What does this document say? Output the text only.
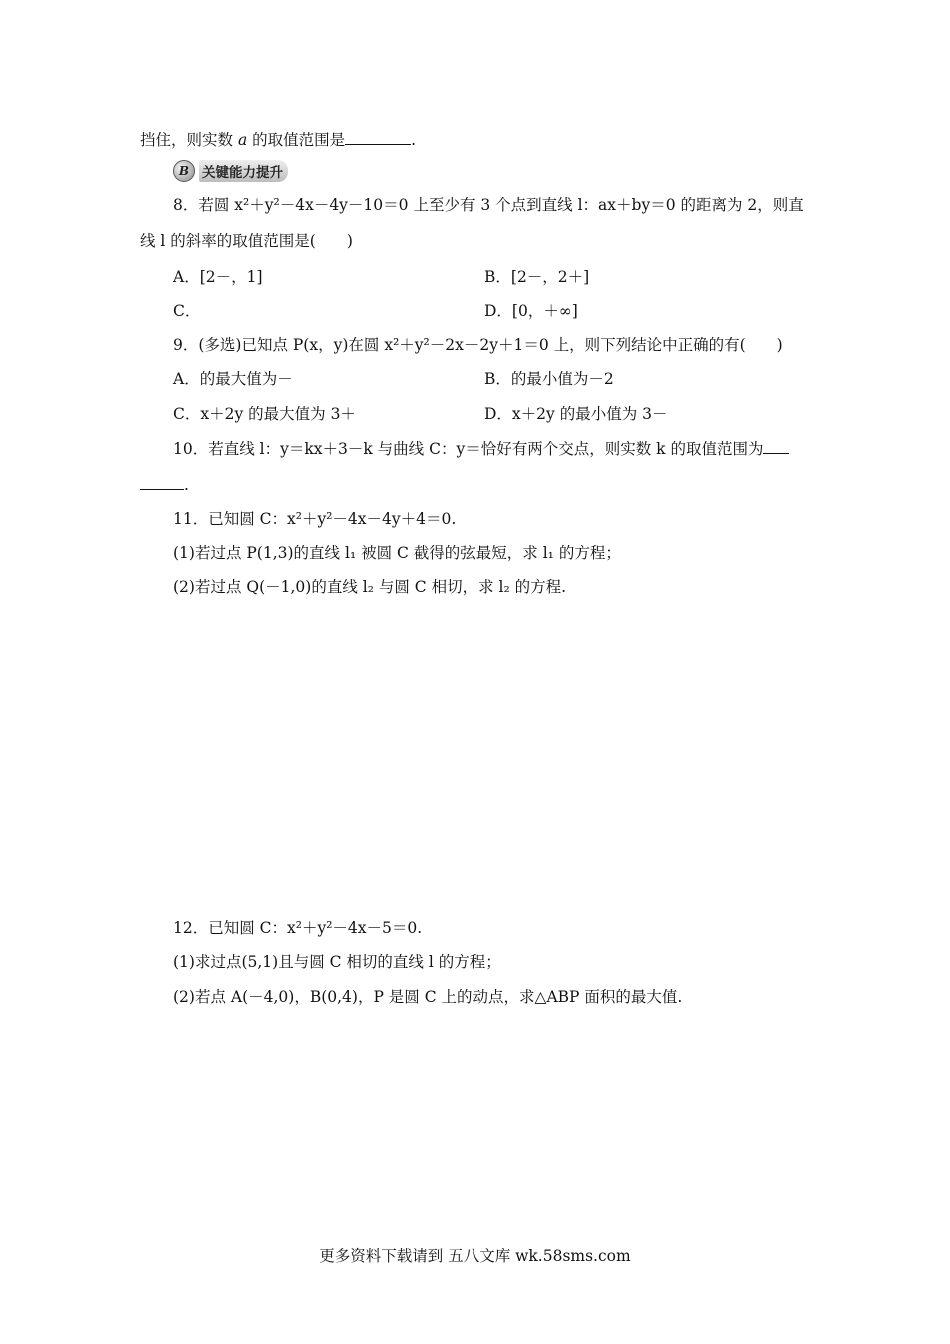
挡住，则实数 a 的取值范围是	.
B 关键能力提升
8．若圆 x²＋y²－4x－4y－10＝0 上至少有 3 个点到直线 l：ax＋by＝0 的距离为 2，则直
线 l 的斜率的取值范围是(　　)
A．[2－，1]	B．[2－，2＋]
C．	D．[0，＋∞]
9．(多选)已知点 P(x，y)在圆 x²＋y²－2x－2y＋1＝0 上，则下列结论中正确的有(　　)
A．的最大值为－	B．的最小值为－2
C．x＋2y 的最大值为 3＋	D．x＋2y 的最小值为 3－
10．若直线 l：y＝kx＋3－k 与曲线 C：y＝恰好有两个交点，则实数 k 的取值范围为
.
11．已知圆 C：x²＋y²－4x－4y＋4＝0.
(1)若过点 P(1,3)的直线 l₁ 被圆 C 截得的弦最短，求 l₁ 的方程；
(2)若过点 Q(－1,0)的直线 l₂ 与圆 C 相切，求 l₂ 的方程.
12．已知圆 C：x²＋y²－4x－5＝0.
(1)求过点(5,1)且与圆 C 相切的直线 l 的方程；
(2)若点 A(－4,0)，B(0,4)，P 是圆 C 上的动点，求△ABP 面积的最大值.
更多资料下载请到 五八文库 wk.58sms.com
